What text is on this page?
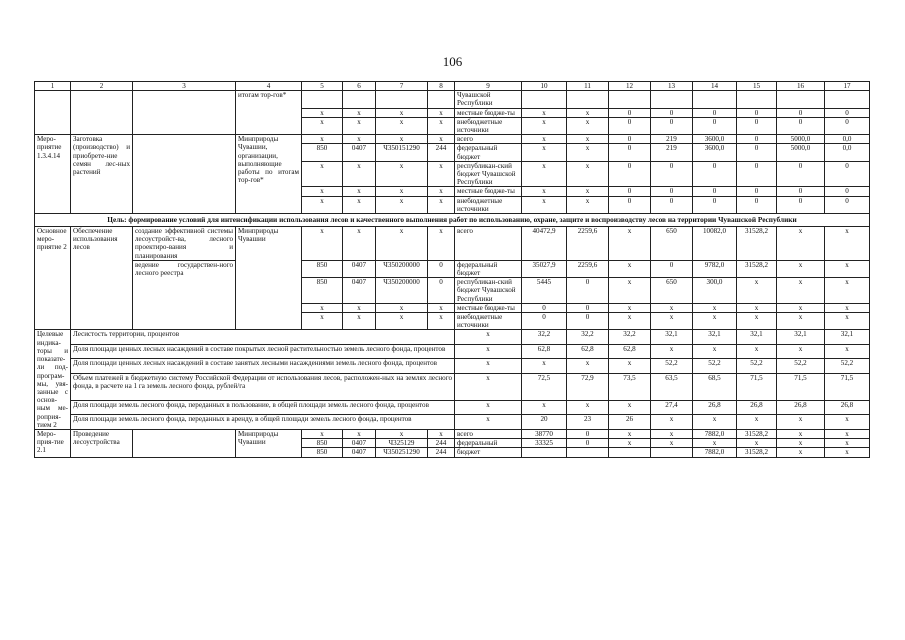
106
1	2	3	4	5	6	7	8	9	10	11	12	13	14	15	16	17
			итогам тор-гов*					Чувашской Республики								
				x	x	x	x	местные бюдже-ты	x	x	0	0	0	0	0	0
				x	x	x	x	внебюджетные источники	x	x	0	0	0	0	0	0
Меро-приятие 1.3.4.14	Заготовка (производство) и приобрете-ние семян лес-ных растений		Минприроды Чувашии, организации, выполняющие работы по итогам тор-гов*	x	x	x	x	всего	x	x	0	219	3600,0	0	5000,0	0,0
				850	0407	Ч350151290	244	федеральный бюджет	x	x	0	219	3600,0	0	5000,0	0,0
				x	x	x	x	республикан-ский бюджет Чувашской Республики	x	x	0	0	0	0	0	0
				x	x	x	x	местные бюдже-ты	x	x	0	0	0	0	0	0
				x	x	x	x	внебюджетные источники	x	x	0	0	0	0	0	0
Цель: формирование условий для интенсификации использования лесов и качественного выполнения работ по использованию, охране, защите и воспроизводству лесов на территории Чувашской Республики																
Основное меро-приятие 2	Обеспечение использования лесов	создание эффективной системы лесоустройст-ва, лесного проектиро-вания и планирования	Минприроды Чувашии	x	x	x	x	всего	40472,9	2259,6	x	650	10082,0	31528,2	x	x
		ведение государствен-ного лесного реестра		850	0407	Ч350200000	0	федеральный бюджет	35027,9	2259,6	x	0	9782,0	31528,2	x	x
				850	0407	Ч350200000	0	республикан-ский бюджет Чувашской Республики	5445	0	x	650	300,0	x	x	x
				x	x	x	x	местные бюдже-ты	0	0	x	x	x	x	x	x
				x	x	x	x	внебюджетные источники	0	0	x	x	x	x	x	x
Целевые индика-торы и показате-ли под-програм-мы, увя-занные с основ-ным ме-роприя-тием 2	Лесистость территории, процентов							x	32,2	32,2	32,2	32,1	32,1	32,1	32,1	32,1
	Доля площади ценных лесных насаждений в составе покрытых лесной растительностью земель лесного фонда, процентов							x	62,8	62,8	62,8	x	x	x	x	x
	Доля площади ценных лесных насаждений в составе занятых лесными насаждениями земель лесного фонда, процентов							x	x	x	x	52,2	52,2	52,2	52,2	52,2
	Объем платежей в бюджетную систему Российской Федерации от использования лесов, расположен-ных на землях лесного фонда, в расчете на 1 га земель лесного фонда, рублей/га							x	72,5	72,9	73,5	63,5	68,5	71,5	71,5	71,5
	Доля площади земель лесного фонда, переданных в пользование, в общей площади земель лесного фонда, процентов							x	x	x	x	27,4	26,8	26,8	26,8	26,8
	Доля площади земель лесного фонда, переданных в аренду, в общей площади земель лесного фонда, процентов							x	20	23	26	x	x	x	x	x
Меро-прия-тие 2.1	Проведение лесоустройства		Минприроды Чувашии	x	x	x	x	всего	38770	0	x	x	7882,0	31528,2	x	x
				850	0407	Ч325129	244	федеральный	33325	0	x	x	x	x	x	x
				850	0407	Ч350251290	244	бюджет					7882,0	31528,2	x	x
